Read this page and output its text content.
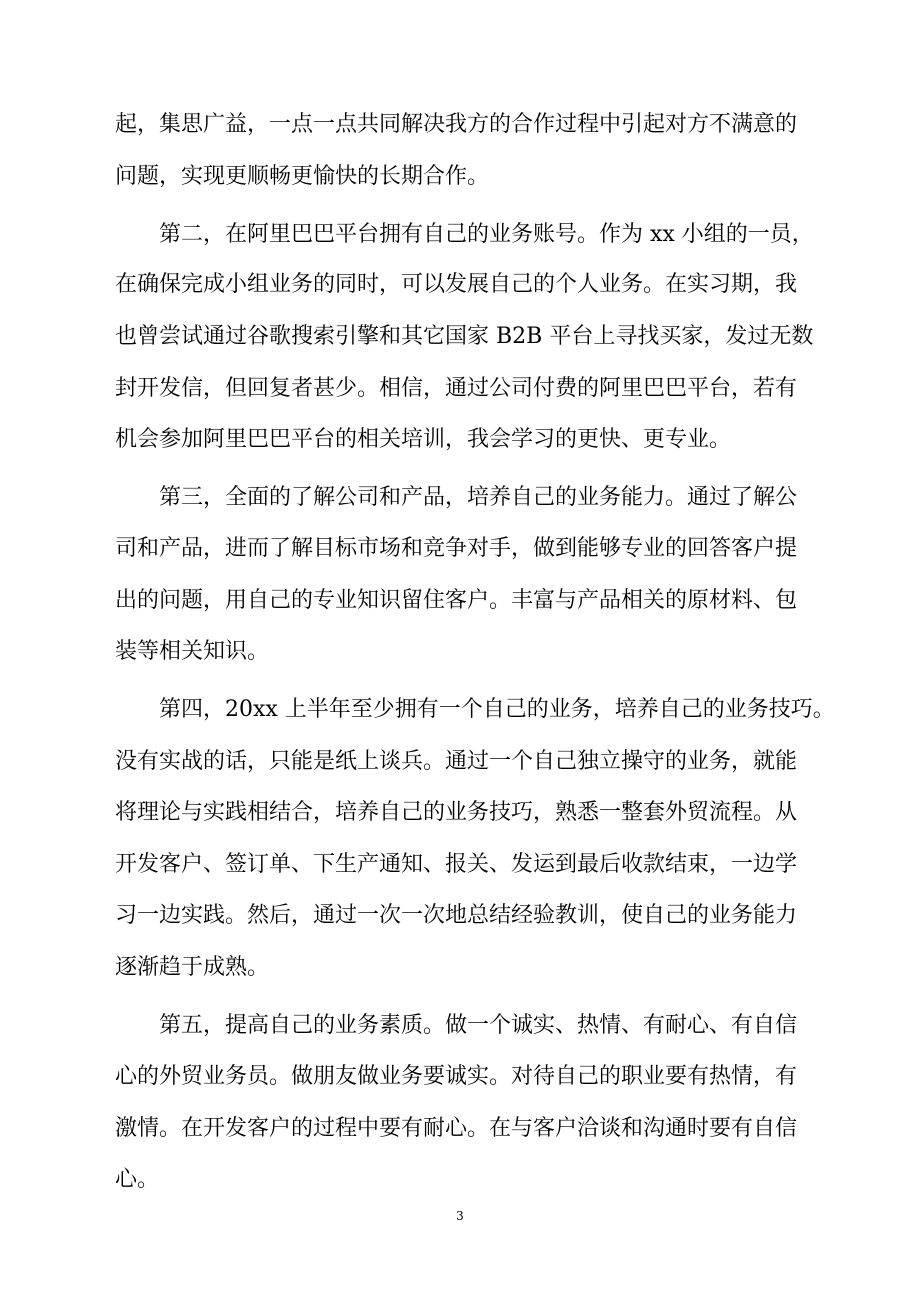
起，集思广益，一点一点共同解决我方的合作过程中引起对方不满意的
问题，实现更顺畅更愉快的长期合作。
第二，在阿里巴巴平台拥有自己的业务账号。作为 xx 小组的一员，
在确保完成小组业务的同时，可以发展自己的个人业务。在实习期，我
也曾尝试通过谷歌搜索引擎和其它国家 B2B 平台上寻找买家，发过无数
封开发信，但回复者甚少。相信，通过公司付费的阿里巴巴平台，若有
机会参加阿里巴巴平台的相关培训，我会学习的更快、更专业。
第三，全面的了解公司和产品，培养自己的业务能力。通过了解公
司和产品，进而了解目标市场和竞争对手，做到能够专业的回答客户提
出的问题，用自己的专业知识留住客户。丰富与产品相关的原材料、包
装等相关知识。
第四，20xx 上半年至少拥有一个自己的业务，培养自己的业务技巧。
没有实战的话，只能是纸上谈兵。通过一个自己独立操守的业务，就能
将理论与实践相结合，培养自己的业务技巧，熟悉一整套外贸流程。从
开发客户、签订单、下生产通知、报关、发运到最后收款结束，一边学
习一边实践。然后，通过一次一次地总结经验教训，使自己的业务能力
逐渐趋于成熟。
第五，提高自己的业务素质。做一个诚实、热情、有耐心、有自信
心的外贸业务员。做朋友做业务要诚实。对待自己的职业要有热情，有
激情。在开发客户的过程中要有耐心。在与客户洽谈和沟通时要有自信
心。
3
